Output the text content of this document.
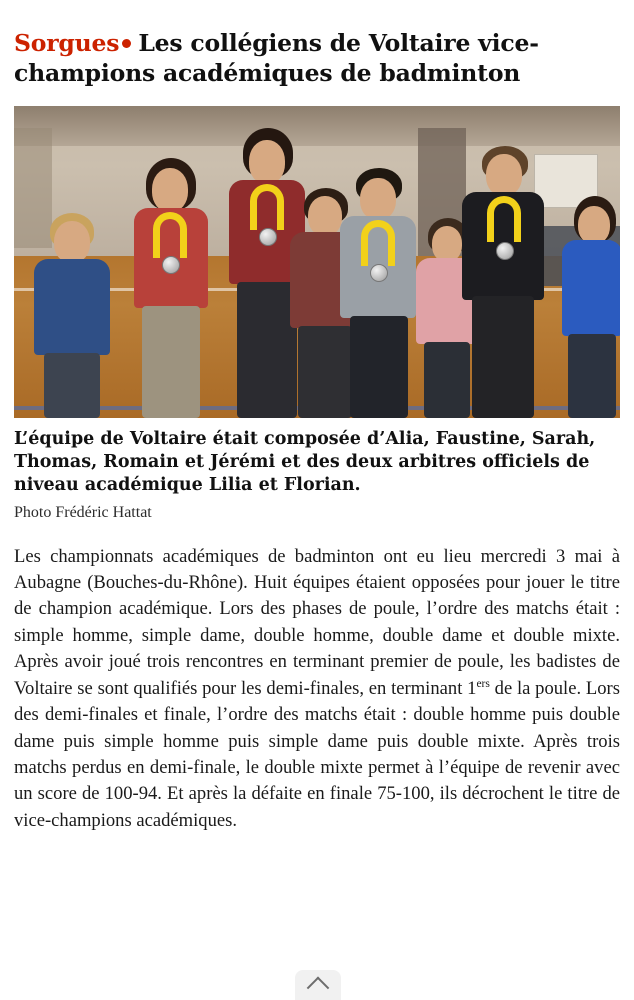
Sorgues Les collégiens de Voltaire vice-champions académiques de badminton

L’équipe de Voltaire était composée d’Alia, Faustine, Sarah, Thomas, Romain et Jérémi et des deux arbitres officiels de niveau académique Lilia et Florian.

Photo Frédéric Hattat

Les championnats académiques de badminton ont eu lieu mercredi 3 mai à Aubagne (Bouches-du-Rhône). Huit équipes étaient opposées pour jouer le titre de champion académique. Lors des phases de poule, l’ordre des matchs était : simple homme, simple dame, double homme, double dame et double mixte. Après avoir joué trois rencontres en terminant premier de poule, les badistes de Voltaire se sont qualifiés pour les demi-finales, en terminant 1ers de la poule. Lors des demi-finales et finale, l’ordre des matchs était : double homme puis double dame puis simple homme puis simple dame puis double mixte. Après trois matchs perdus en demi-finale, le double mixte permet à l’équipe de revenir avec un score de 100-94. Et après la défaite en finale 75-100, ils décrochent le titre de vice-champions académiques.
